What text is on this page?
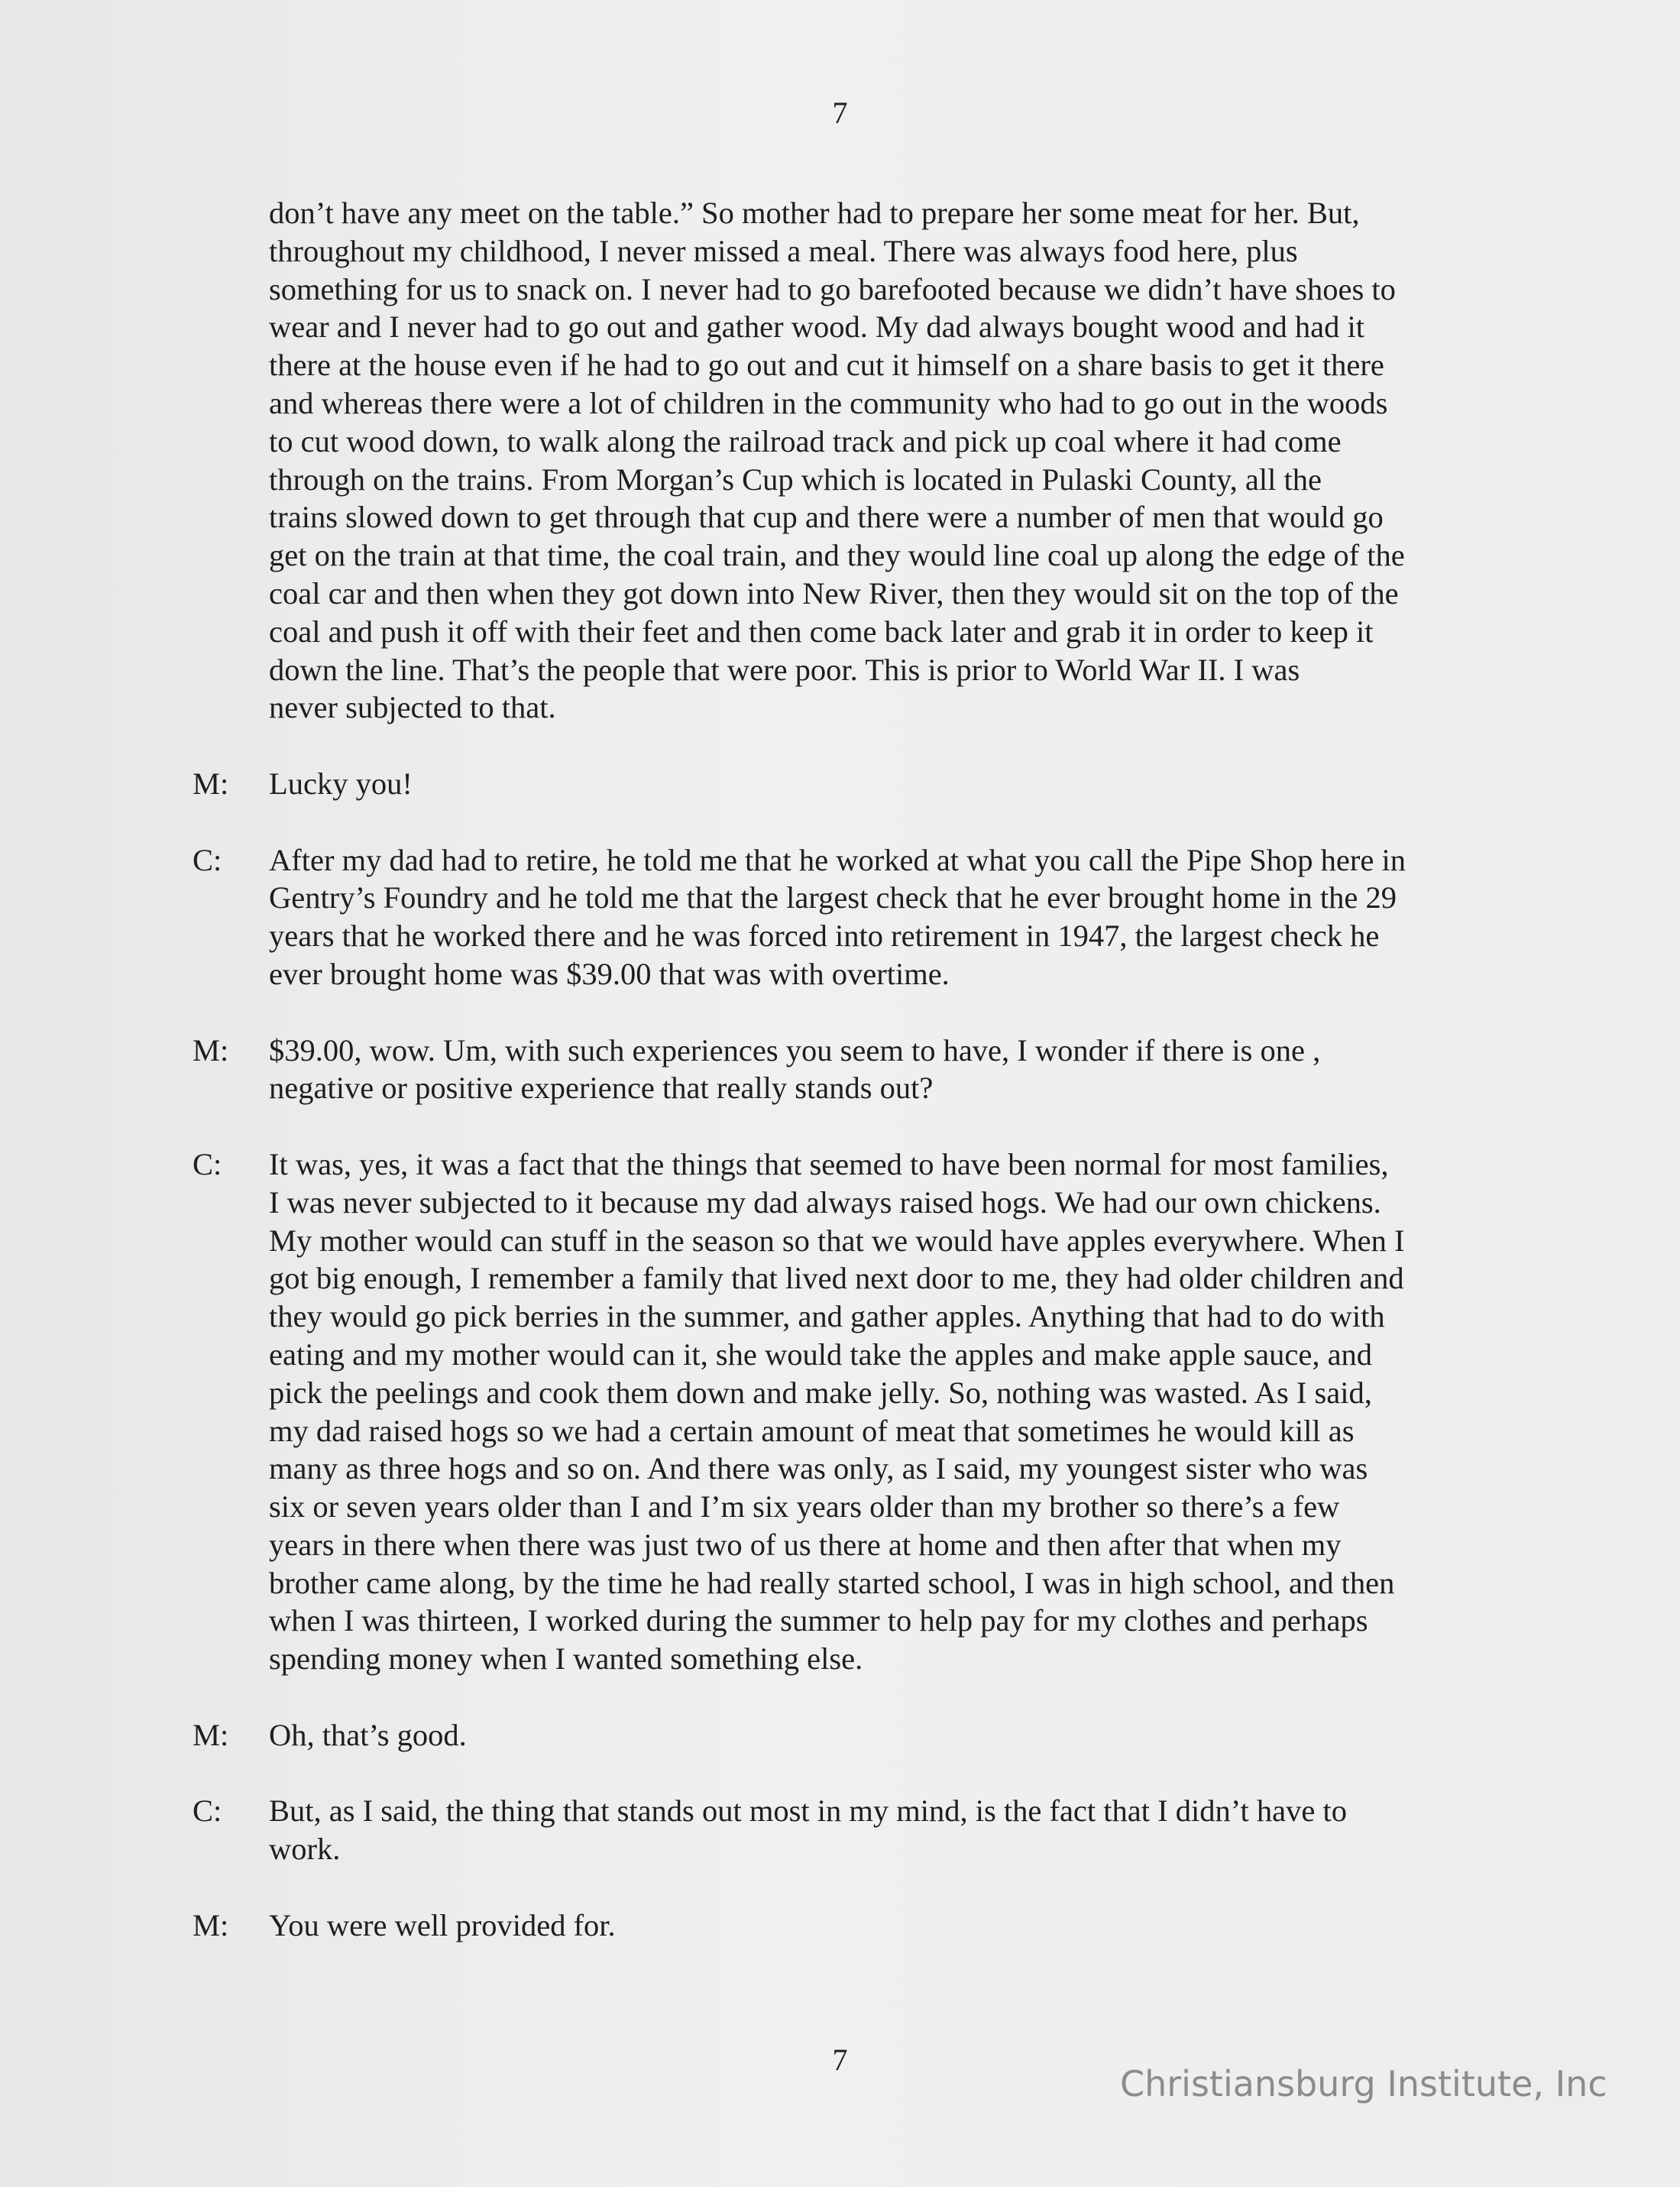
7
don’t have any meet on the table.” So mother had to prepare her some meat for her. But,
throughout my childhood, I never missed a meal. There was always food here, plus
something for us to snack on. I never had to go barefooted because we didn’t have shoes to
wear and I never had to go out and gather wood. My dad always bought wood and had it
there at the house even if he had to go out and cut it himself on a share basis to get it there
and whereas there were a lot of children in the community who had to go out in the woods
to cut wood down, to walk along the railroad track and pick up coal where it had come
through on the trains. From Morgan’s Cup which is located in Pulaski County, all the
trains slowed down to get through that cup and there were a number of men that would go
get on the train at that time, the coal train, and they would line coal up along the edge of the
coal car and then when they got down into New River, then they would sit on the top of the
coal and push it off with their feet and then come back later and grab it in order to keep it
down the line. That’s the people that were poor. This is prior to World War II. I was
never subjected to that.
M: Lucky you!
C: After my dad had to retire, he told me that he worked at what you call the Pipe Shop here in
Gentry’s Foundry and he told me that the largest check that he ever brought home in the 29
years that he worked there and he was forced into retirement in 1947, the largest check he
ever brought home was $39.00 that was with overtime.
M: $39.00, wow. Um, with such experiences you seem to have, I wonder if there is one ,
negative or positive experience that really stands out?
C: It was, yes, it was a fact that the things that seemed to have been normal for most families,
I was never subjected to it because my dad always raised hogs. We had our own chickens.
My mother would can stuff in the season so that we would have apples everywhere. When I
got big enough, I remember a family that lived next door to me, they had older children and
they would go pick berries in the summer, and gather apples. Anything that had to do with
eating and my mother would can it, she would take the apples and make apple sauce, and
pick the peelings and cook them down and make jelly. So, nothing was wasted. As I said,
my dad raised hogs so we had a certain amount of meat that sometimes he would kill as
many as three hogs and so on. And there was only, as I said, my youngest sister who was
six or seven years older than I and I’m six years older than my brother so there’s a few
years in there when there was just two of us there at home and then after that when my
brother came along, by the time he had really started school, I was in high school, and then
when I was thirteen, I worked during the summer to help pay for my clothes and perhaps
spending money when I wanted something else.
M: Oh, that’s good.
C: But, as I said, the thing that stands out most in my mind, is the fact that I didn’t have to
work.
M: You were well provided for.
7
Christiansburg Institute, Inc
